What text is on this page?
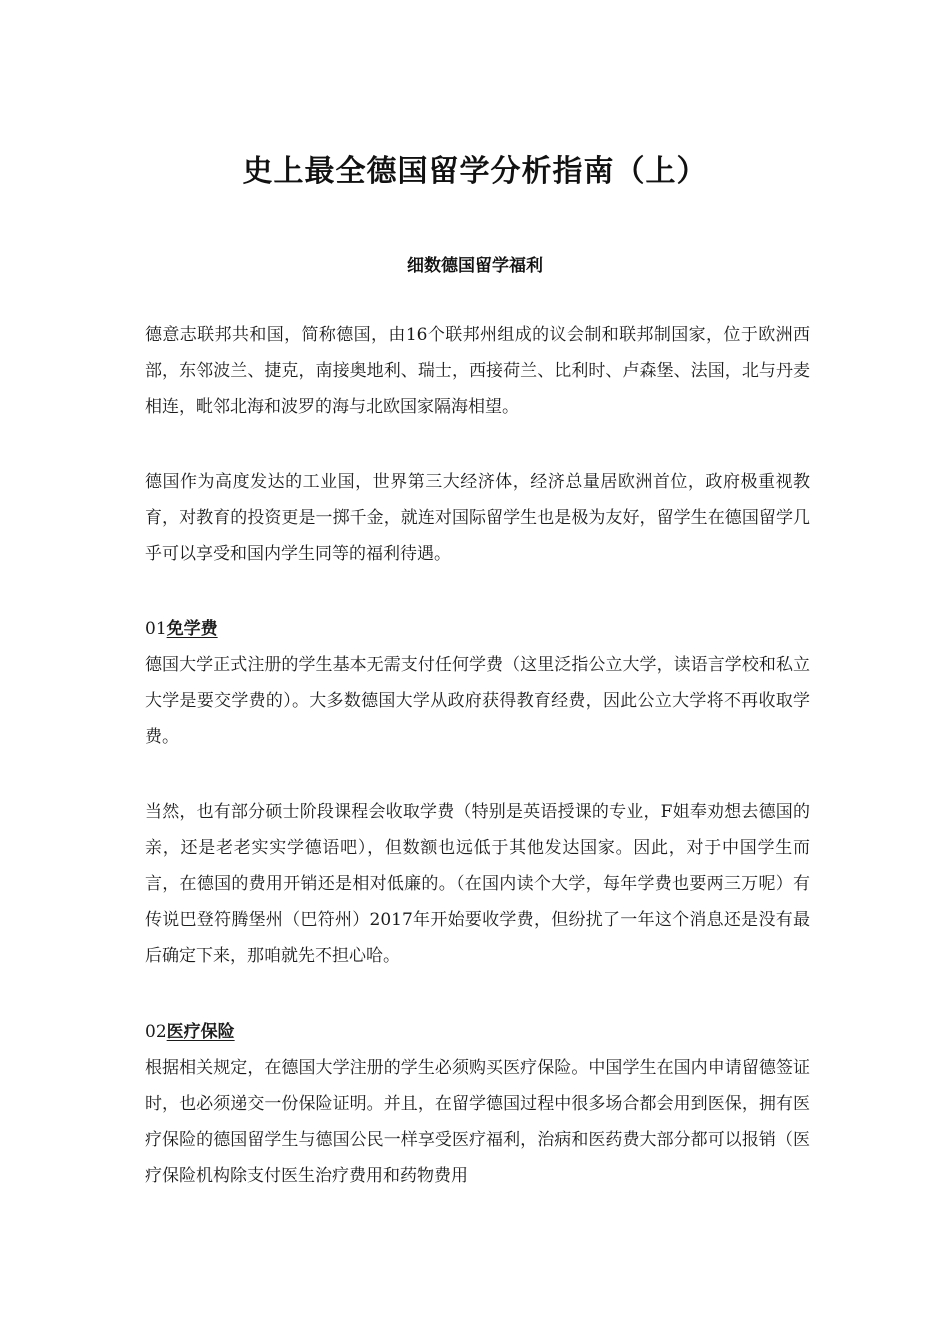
史上最全德国留学分析指南（上）
细数德国留学福利

德意志联邦共和国，简称德国，由16个联邦州组成的议会制和联邦制国家，位于欧洲西部，东邻波兰、捷克，南接奥地利、瑞士，西接荷兰、比利时、卢森堡、法国，北与丹麦相连，毗邻北海和波罗的海与北欧国家隔海相望。

德国作为高度发达的工业国，世界第三大经济体，经济总量居欧洲首位，政府极重视教育，对教育的投资更是一掷千金，就连对国际留学生也是极为友好，留学生在德国留学几乎可以享受和国内学生同等的福利待遇。

01免学费

德国大学正式注册的学生基本无需支付任何学费（这里泛指公立大学，读语言学校和私立大学是要交学费的）。大多数德国大学从政府获得教育经费，因此公立大学将不再收取学费。

当然，也有部分硕士阶段课程会收取学费（特别是英语授课的专业，F姐奉劝想去德国的亲，还是老老实实学德语吧），但数额也远低于其他发达国家。因此，对于中国学生而言，在德国的费用开销还是相对低廉的。（在国内读个大学，每年学费也要两三万呢）有传说巴登符腾堡州（巴符州）2017年开始要收学费，但纷扰了一年这个消息还是没有最后确定下来，那咱就先不担心哈。

02医疗保险

根据相关规定，在德国大学注册的学生必须购买医疗保险。中国学生在国内申请留德签证时，也必须递交一份保险证明。并且，在留学德国过程中很多场合都会用到医保，拥有医疗保险的德国留学生与德国公民一样享受医疗福利，治病和医药费大部分都可以报销（医疗保险机构除支付医生治疗费用和药物费用
